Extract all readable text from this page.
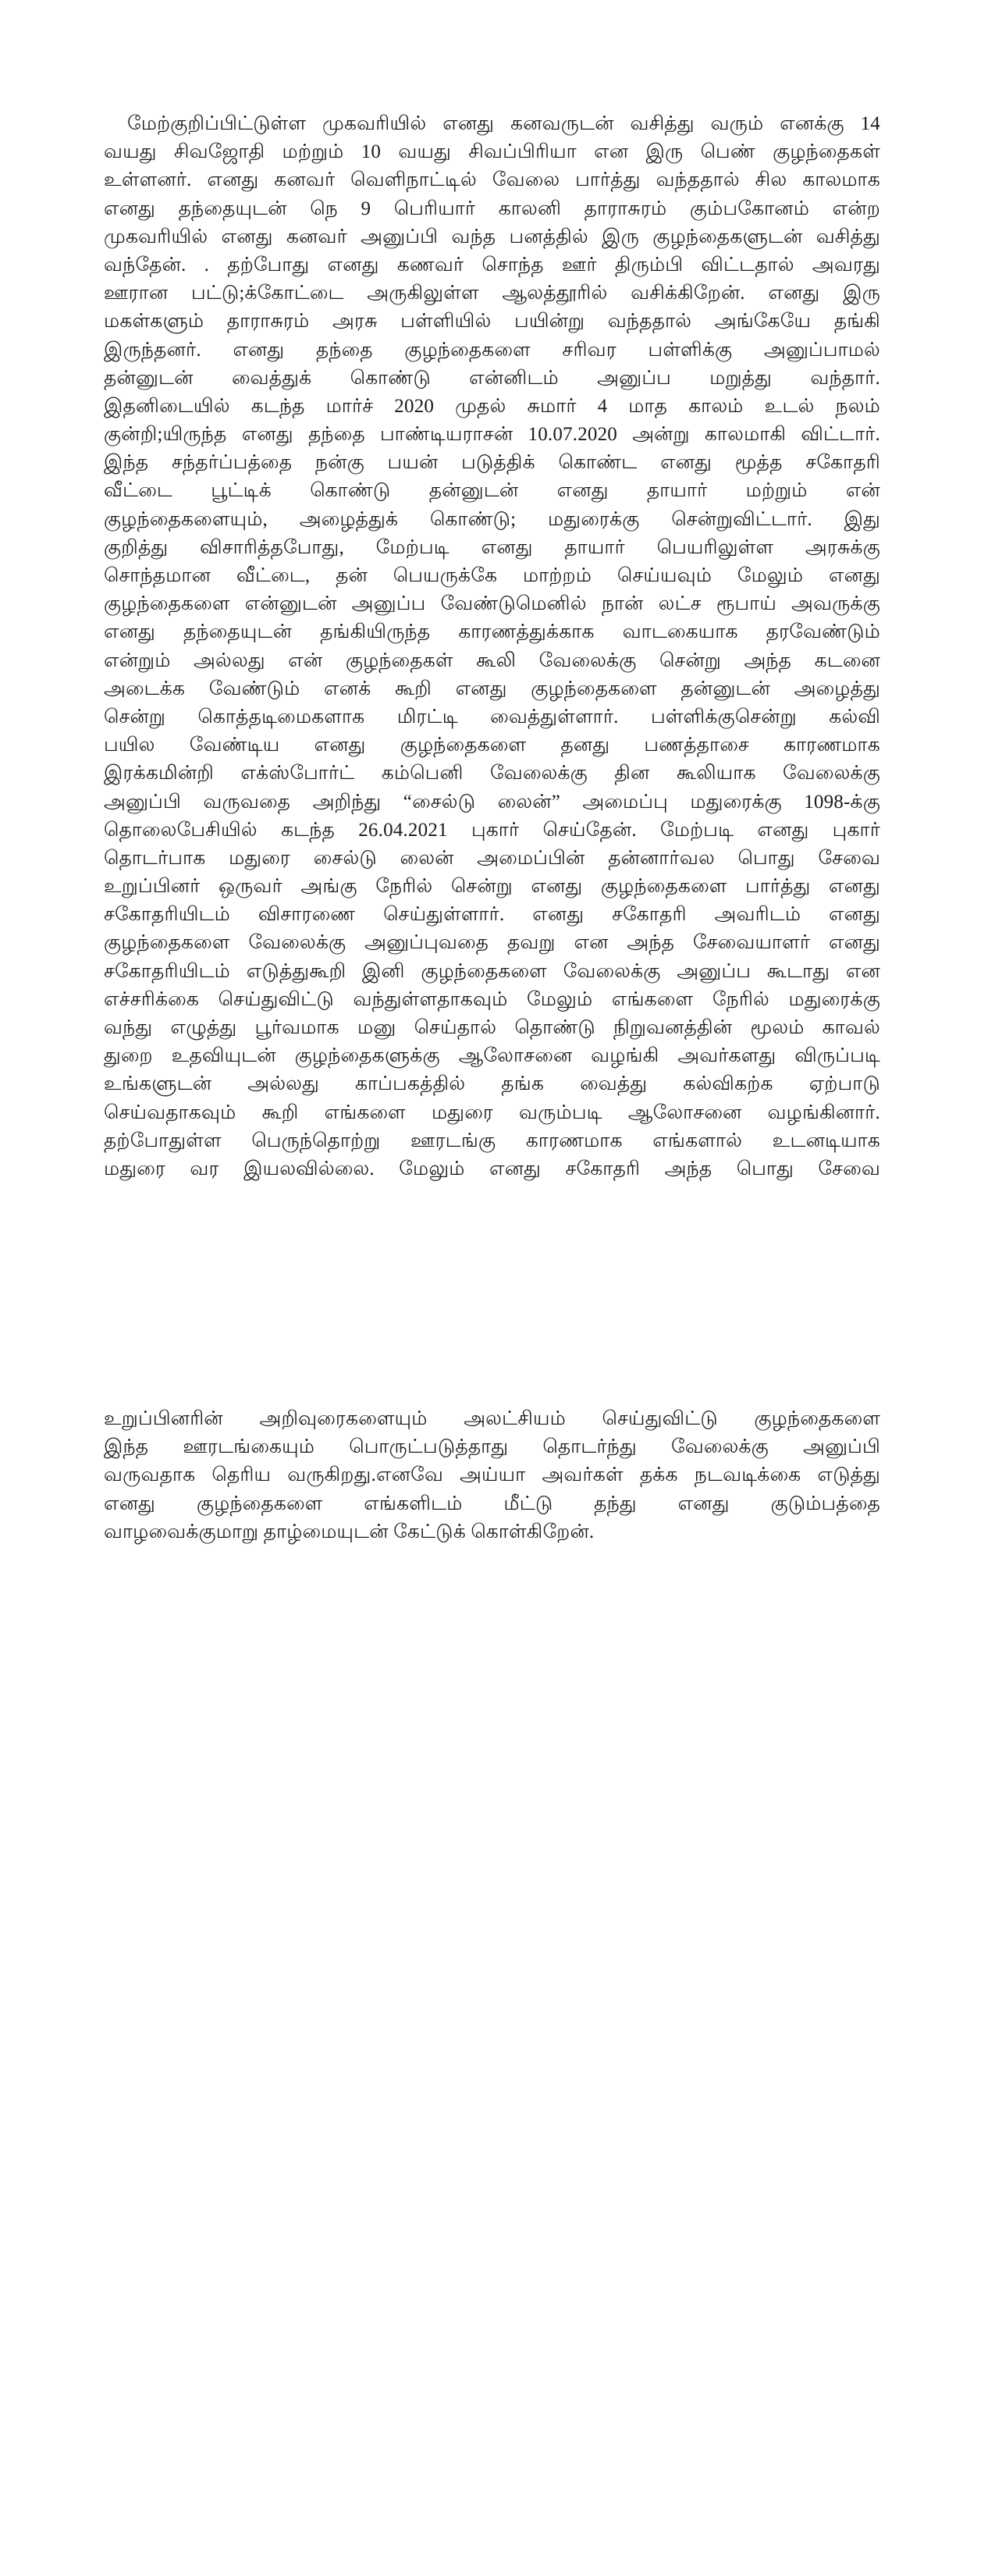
மேற்குறிப்பிட்டுள்ள முகவரியில் எனது கனவருடன் வசித்து வரும் எனக்கு 14
வயது சிவஜோதி மற்றும் 10 வயது சிவப்பிரியா என இரு பெண் குழந்தைகள்
உள்ளனர். எனது கனவர் வெளிநாட்டில் வேலை பார்த்து வந்ததால் சில காலமாக
எனது தந்தையுடன் நெ 9 பெரியார் காலனி தாராசுரம் கும்பகோனம் என்ற
முகவரியில் எனது கனவர் அனுப்பி வந்த பனத்தில் இரு குழந்தைகளுடன் வசித்து
வந்தேன். . தற்போது எனது கணவர் சொந்த ஊர் திரும்பி விட்டதால் அவரது
ஊரான பட்டு;க்கோட்டை அருகிலுள்ள ஆலத்தூரில் வசிக்கிறேன். எனது இரு
மகள்களும் தாராசுரம் அரசு பள்ளியில் பயின்று வந்ததால் அங்கேயே தங்கி
இருந்தனர். எனது தந்தை குழந்தைகளை சரிவர பள்ளிக்கு அனுப்பாமல்
தன்னுடன் வைத்துக் கொண்டு என்னிடம் அனுப்ப மறுத்து வந்தார்.
இதனிடையில் கடந்த மார்ச் 2020 முதல் சுமார் 4 மாத காலம் உடல் நலம்
குன்றி;யிருந்த எனது தந்தை பாண்டியராசன் 10.07.2020 அன்று காலமாகி விட்டார்.
இந்த சந்தர்ப்பத்தை நன்கு பயன் படுத்திக் கொண்ட எனது மூத்த சகோதரி
வீட்டை பூட்டிக் கொண்டு தன்னுடன் எனது தாயார் மற்றும் என்
குழந்தைகளையும், அழைத்துக் கொண்டு; மதுரைக்கு சென்றுவிட்டார். இது
குறித்து விசாரித்தபோது, மேற்படி எனது தாயார் பெயரிலுள்ள அரசுக்கு
சொந்தமான வீட்டை, தன் பெயருக்கே மாற்றம் செய்யவும் மேலும் எனது
குழந்தைகளை என்னுடன் அனுப்ப வேண்டுமெனில் நான் லட்ச ரூபாய் அவருக்கு
எனது தந்தையுடன் தங்கியிருந்த காரணத்துக்காக வாடகையாக தரவேண்டும்
என்றும் அல்லது என் குழந்தைகள் கூலி வேலைக்கு சென்று அந்த கடனை
அடைக்க வேண்டும் எனக் கூறி எனது குழந்தைகளை தன்னுடன் அழைத்து
சென்று கொத்தடிமைகளாக மிரட்டி வைத்துள்ளார். பள்ளிக்குசென்று கல்வி
பயில வேண்டிய எனது குழந்தைகளை தனது பணத்தாசை காரணமாக
இரக்கமின்றி எக்ஸ்போர்ட் கம்பெனி வேலைக்கு தின கூலியாக வேலைக்கு
அனுப்பி வருவதை அறிந்து “சைல்டு லைன்” அமைப்பு மதுரைக்கு 1098-க்கு
தொலைபேசியில் கடந்த 26.04.2021 புகார் செய்தேன். மேற்படி எனது புகார்
தொடர்பாக மதுரை சைல்டு லைன் அமைப்பின் தன்னார்வல பொது சேவை
உறுப்பினர் ஒருவர் அங்கு நேரில் சென்று எனது குழந்தைகளை பார்த்து எனது
சகோதரியிடம் விசாரணை செய்துள்ளார். எனது சகோதரி அவரிடம் எனது
குழந்தைகளை வேலைக்கு அனுப்புவதை தவறு என அந்த சேவையாளர் எனது
சகோதரியிடம் எடுத்துகூறி இனி குழந்தைகளை வேலைக்கு அனுப்ப கூடாது என
எச்சரிக்கை செய்துவிட்டு வந்துள்ளதாகவும் மேலும் எங்களை நேரில் மதுரைக்கு
வந்து எழுத்து பூர்வமாக மனு செய்தால் தொண்டு நிறுவனத்தின் மூலம் காவல்
துறை உதவியுடன் குழந்தைகளுக்கு ஆலோசனை வழங்கி அவர்களது விருப்படி
உங்களுடன் அல்லது காப்பகத்தில் தங்க வைத்து கல்விகற்க ஏற்பாடு
செய்வதாகவும் கூறி எங்களை மதுரை வரும்படி ஆலோசனை வழங்கினார்.
தற்போதுள்ள பெருந்தொற்று ஊரடங்கு காரணமாக எங்களால் உடனடியாக
மதுரை வர இயலவில்லை. மேலும் எனது சகோதரி அந்த பொது சேவை
உறுப்பினரின் அறிவுரைகளையும் அலட்சியம் செய்துவிட்டு குழந்தைகளை
இந்த ஊரடங்கையும் பொருட்படுத்தாது தொடர்ந்து வேலைக்கு அனுப்பி
வருவதாக தெரிய வருகிறது.எனவே அய்யா அவர்கள் தக்க நடவடிக்கை எடுத்து
எனது குழந்தைகளை எங்களிடம் மீட்டு தந்து எனது குடும்பத்தை
வாழவைக்குமாறு தாழ்மையுடன் கேட்டுக் கொள்கிறேன்.
